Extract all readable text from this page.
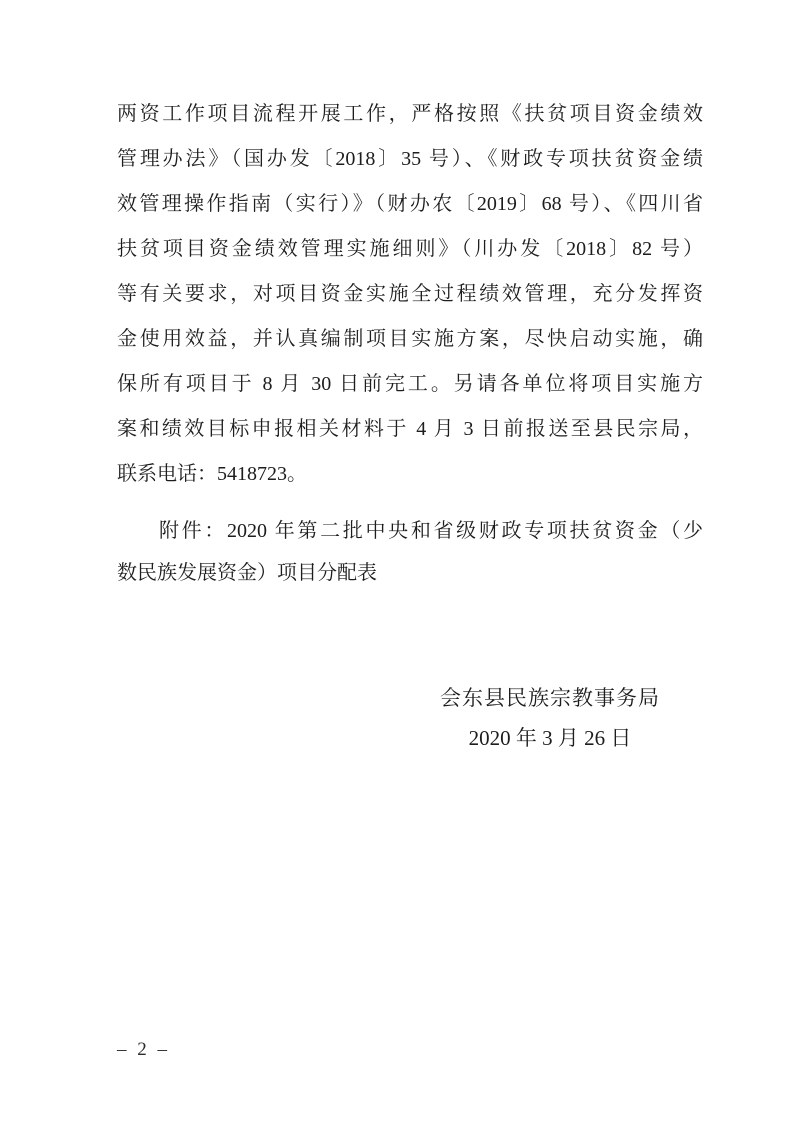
两资工作项目流程开展工作，严格按照《扶贫项目资金绩效
管理办法》（国办发〔2018〕35 号）、《财政专项扶贫资金绩
效管理操作指南（实行）》（财办农〔2019〕68 号）、《四川省
扶贫项目资金绩效管理实施细则》（川办发〔2018〕82 号）
等有关要求，对项目资金实施全过程绩效管理，充分发挥资
金使用效益，并认真编制项目实施方案，尽快启动实施，确
保所有项目于 8 月 30 日前完工。另请各单位将项目实施方
案和绩效目标申报相关材料于 4 月 3 日前报送至县民宗局，
联系电话：5418723。
附件：2020 年第二批中央和省级财政专项扶贫资金（少
数民族发展资金）项目分配表
会东县民族宗教事务局
2020 年 3 月 26 日
– 2 –
